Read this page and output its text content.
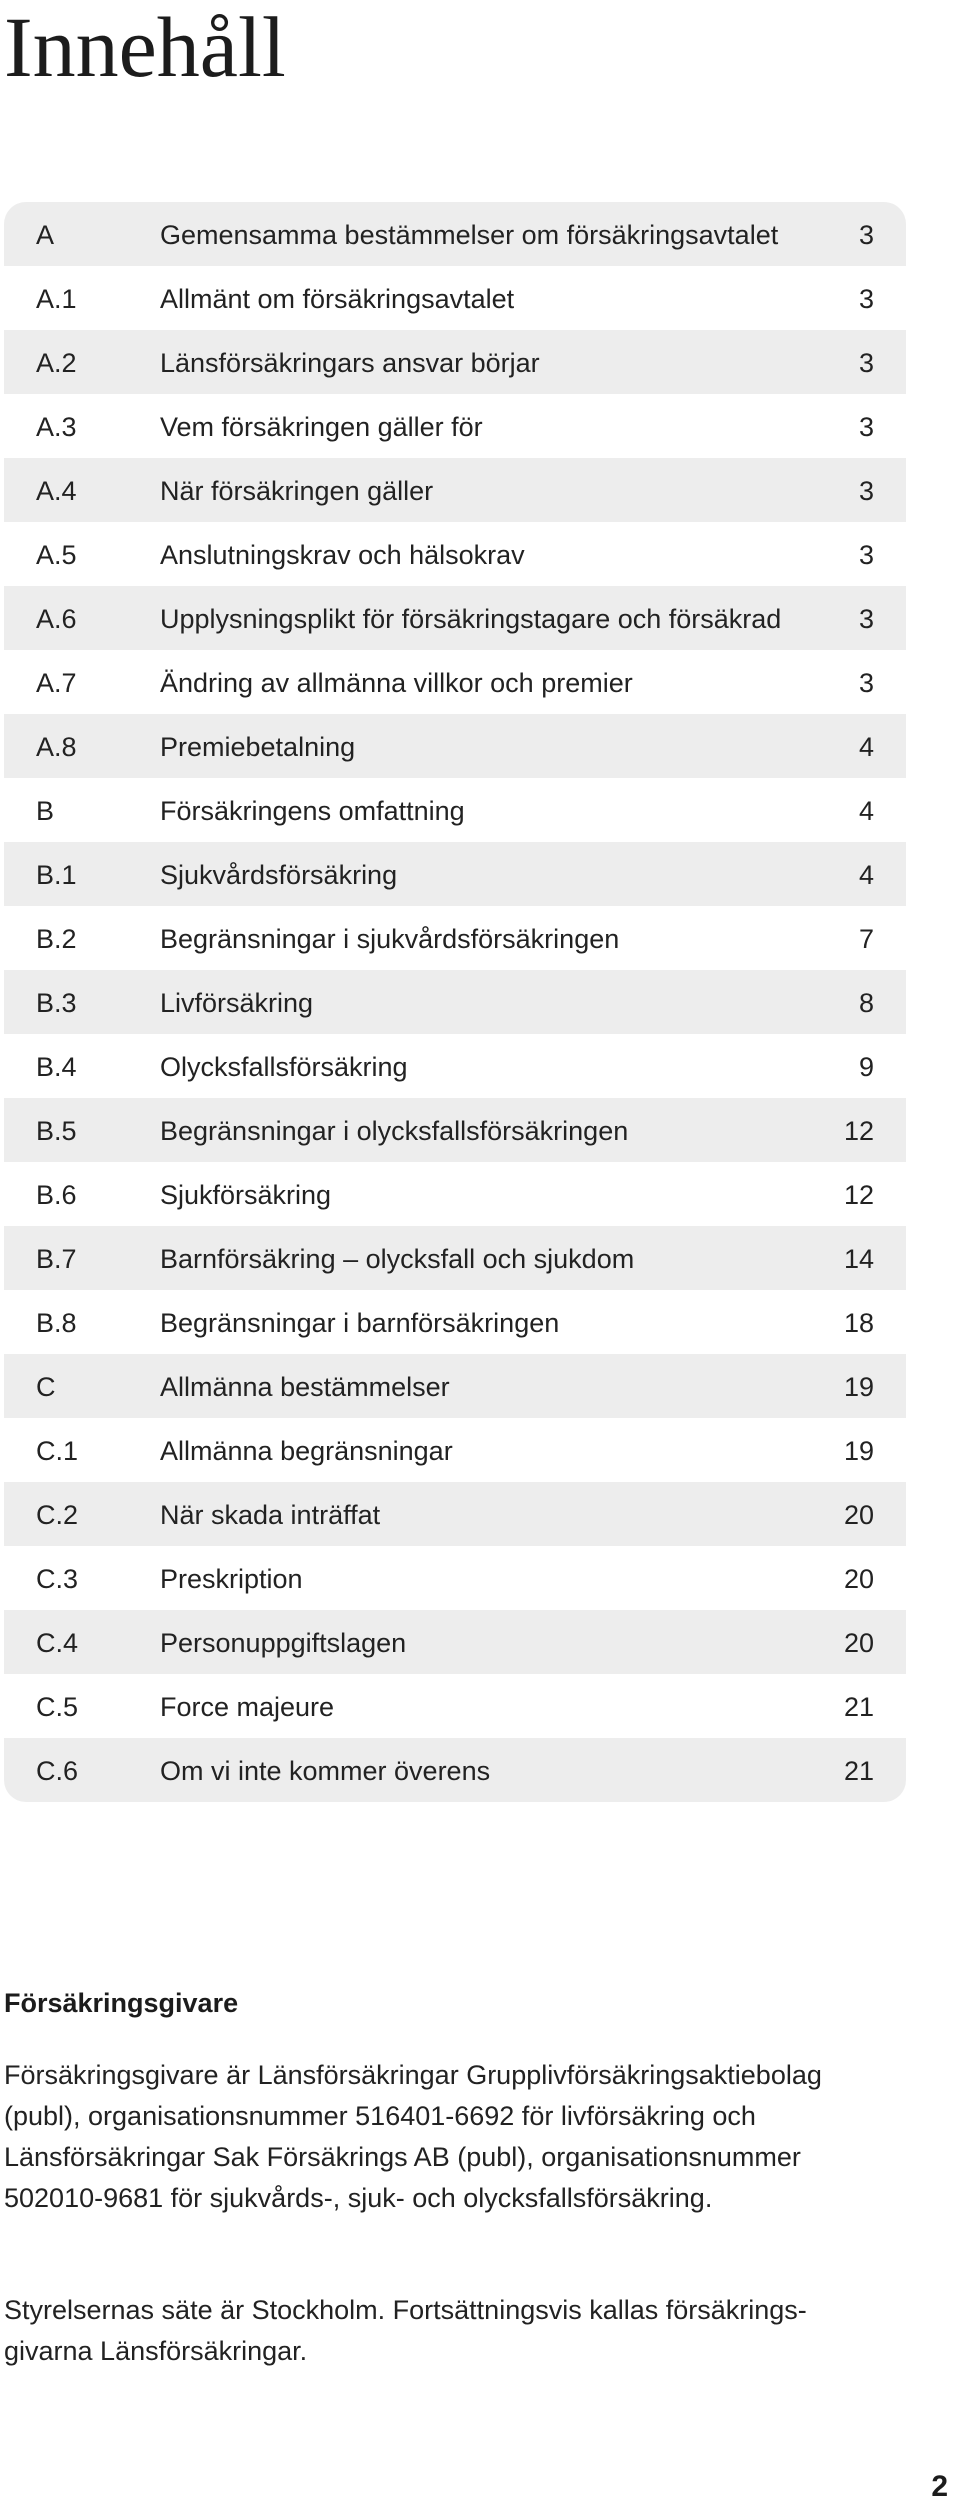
Innehåll
A	Gemensamma bestämmelser om försäkringsavtalet	3
A.1	Allmänt om försäkringsavtalet	3
A.2	Länsförsäkringars ansvar börjar	3
A.3	Vem försäkringen gäller för	3
A.4	När försäkringen gäller	3
A.5	Anslutningskrav och hälsokrav	3
A.6	Upplysningsplikt för försäkringstagare och försäkrad	3
A.7	Ändring av allmänna villkor och premier	3
A.8	Premiebetalning	4
B	Försäkringens omfattning	4
B.1	Sjukvårdsförsäkring	4
B.2	Begränsningar i sjukvårdsförsäkringen	7
B.3	Livförsäkring	8
B.4	Olycksfallsförsäkring	9
B.5	Begränsningar i olycksfallsförsäkringen	12
B.6	Sjukförsäkring	12
B.7	Barnförsäkring – olycksfall och sjukdom	14
B.8	Begränsningar i barnförsäkringen	18
C	Allmänna bestämmelser	19
C.1	Allmänna begränsningar	19
C.2	När skada inträffat	20
C.3	Preskription	20
C.4	Personuppgiftslagen	20
C.5	Force majeure	21
C.6	Om vi inte kommer överens	21
Försäkringsgivare

Försäkringsgivare är Länsförsäkringar Grupplivförsäkringsaktiebolag (publ), organisationsnummer 516401-6692 för livförsäkring och Länsförsäkringar Sak Försäkrings AB (publ), organisationsnummer 502010-9681 för sjukvårds-, sjuk- och olycksfallsförsäkring.

Styrelsernas säte är Stockholm. Fortsättningsvis kallas försäkrings-givarna Länsförsäkringar.

2
